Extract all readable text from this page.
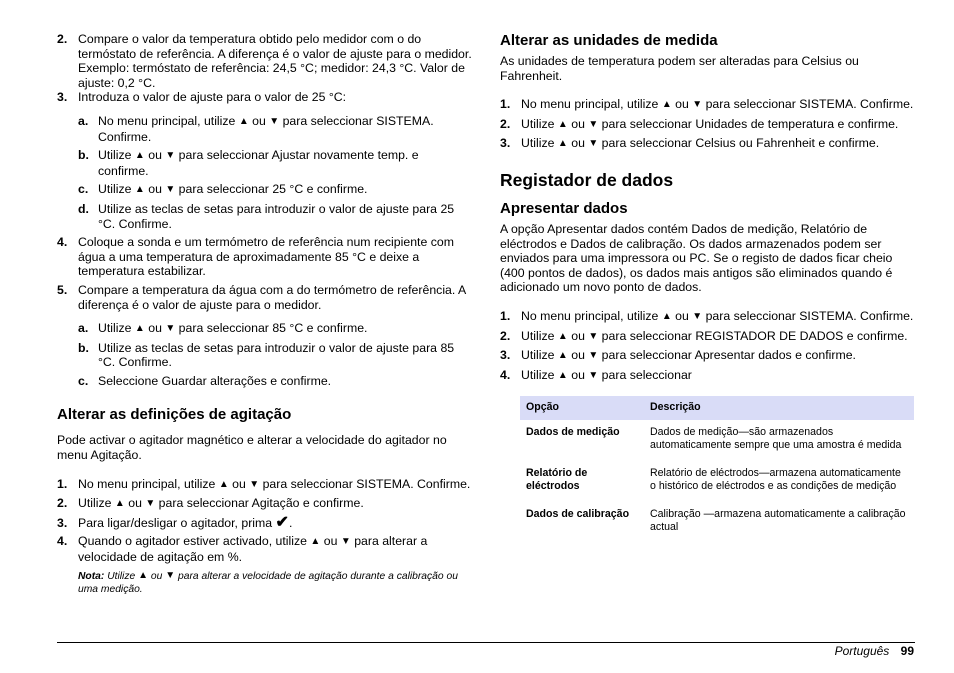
2. Compare o valor da temperatura obtido pelo medidor com o do termóstato de referência. A diferença é o valor de ajuste para o medidor.
Exemplo: termóstato de referência: 24,5 °C; medidor: 24,3 °C. Valor de ajuste: 0,2 °C.
3. Introduza o valor de ajuste para o valor de 25 °C:
a. No menu principal, utilize ▲ ou ▼ para seleccionar SISTEMA. Confirme.
b. Utilize ▲ ou ▼ para seleccionar Ajustar novamente temp. e confirme.
c. Utilize ▲ ou ▼ para seleccionar 25 °C e confirme.
d. Utilize as teclas de setas para introduzir o valor de ajuste para 25 °C. Confirme.
4. Coloque a sonda e um termómetro de referência num recipiente com água a uma temperatura de aproximadamente 85 °C e deixe a temperatura estabilizar.
5. Compare a temperatura da água com a do termómetro de referência. A diferença é o valor de ajuste para o medidor.
a. Utilize ▲ ou ▼ para seleccionar 85 °C e confirme.
b. Utilize as teclas de setas para introduzir o valor de ajuste para 85 °C. Confirme.
c. Seleccione Guardar alterações e confirme.
Alterar as definições de agitação
Pode activar o agitador magnético e alterar a velocidade do agitador no menu Agitação.
1. No menu principal, utilize ▲ ou ▼ para seleccionar SISTEMA. Confirme.
2. Utilize ▲ ou ▼ para seleccionar Agitação e confirme.
3. Para ligar/desligar o agitador, prima ✔.
4. Quando o agitador estiver activado, utilize ▲ ou ▼ para alterar a velocidade de agitação em %.
Nota: Utilize ▲ ou ▼ para alterar a velocidade de agitação durante a calibração ou uma medição.
Alterar as unidades de medida
As unidades de temperatura podem ser alteradas para Celsius ou Fahrenheit.
1. No menu principal, utilize ▲ ou ▼ para seleccionar SISTEMA. Confirme.
2. Utilize ▲ ou ▼ para seleccionar Unidades de temperatura e confirme.
3. Utilize ▲ ou ▼ para seleccionar Celsius ou Fahrenheit e confirme.
Registador de dados
Apresentar dados
A opção Apresentar dados contém Dados de medição, Relatório de eléctrodos e Dados de calibração. Os dados armazenados podem ser enviados para uma impressora ou PC. Se o registo de dados ficar cheio (400 pontos de dados), os dados mais antigos são eliminados quando é adicionado um novo ponto de dados.
1. No menu principal, utilize ▲ ou ▼ para seleccionar SISTEMA. Confirme.
2. Utilize ▲ ou ▼ para seleccionar REGISTADOR DE DADOS e confirme.
3. Utilize ▲ ou ▼ para seleccionar Apresentar dados e confirme.
4. Utilize ▲ ou ▼ para seleccionar
Opção	Descrição
Dados de medição	Dados de medição—são armazenados automaticamente sempre que uma amostra é medida
Relatório de eléctrodos	Relatório de eléctrodos—armazena automaticamente o histórico de eléctrodos e as condições de medição
Dados de calibração	Calibração —armazena automaticamente a calibração actual
Português 99
